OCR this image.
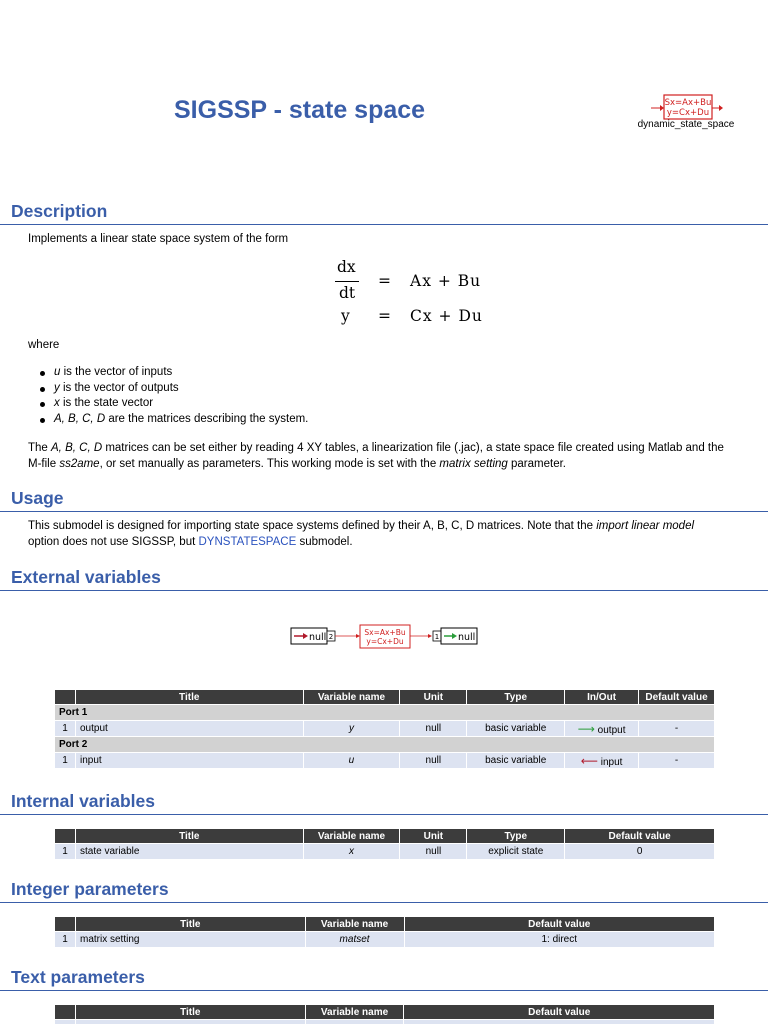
SIGSSP - state space	Sx=Ax+Bu
y=Cx+Du
dynamic_state_space
Description
Implements a linear state space system of the form
dx
dt
= Ax + Bu
y = Cx + Du
where
u is the vector of inputs
y is the vector of outputs
x is the state vector
A, B, C, D are the matrices describing the system.
The A, B, C, D matrices can be set either by reading 4 XY tables, a linearization file (.jac), a state space file created using Matlab and the
M-file ss2ame, or set manually as parameters. This working mode is set with the matrix setting parameter.
Usage
This submodel is designed for importing state space systems defined by their A, B, C, D matrices. Note that the import linear model
option does not use SIGSSP, but DYNSTATESPACE submodel.
External variables
null 2	Sx=Ax+Bu
y=Cx+Du	1 null
	Title	Variable name	Unit	Type	In/Out	Default value
Port 1						
1	output	y	null	basic variable	⟶ output	-
Port 2						
1	input	u	null	basic variable	⟵ input	-
Internal variables
	Title	Variable name	Unit	Type	Default value
1	state variable	x	null	explicit state	0
Integer parameters
	Title	Variable name	Default value
1	matrix setting	matset	1: direct
Text parameters
	Title	Variable name	Default value
